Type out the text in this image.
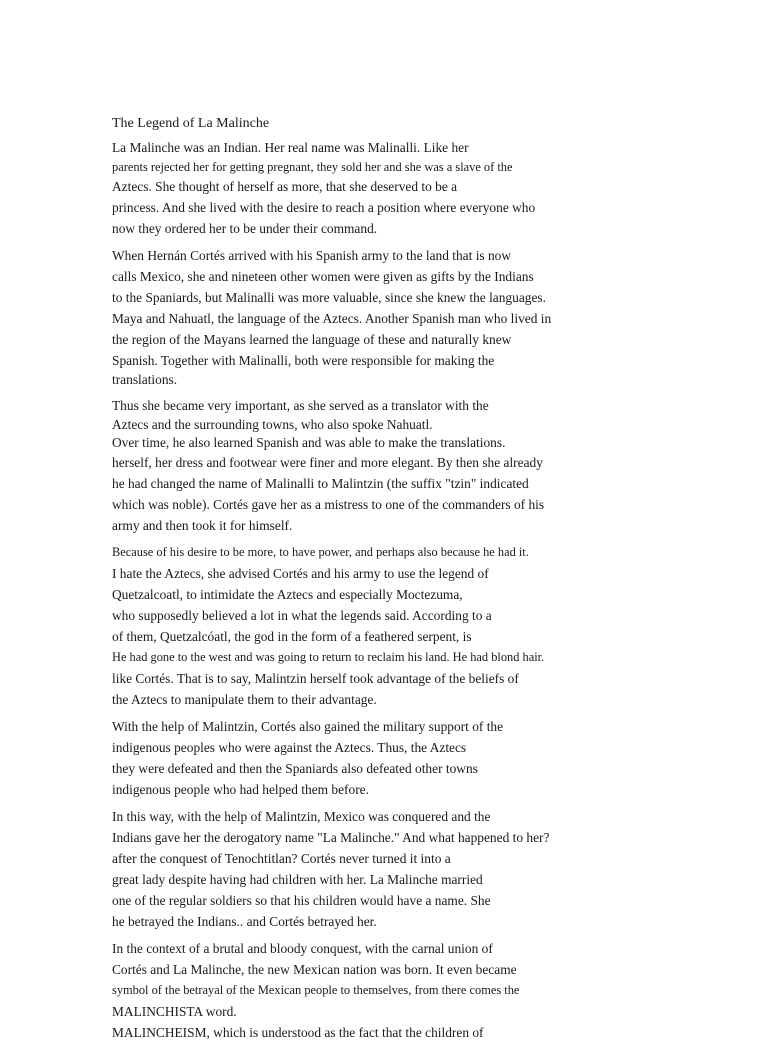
The Legend of La Malinche

La Malinche was an Indian. Her real name was Malinalli. Like her
parents rejected her for getting pregnant, they sold her and she was a slave of the
Aztecs. She thought of herself as more, that she deserved to be a
princess. And she lived with the desire to reach a position where everyone who
now they ordered her to be under their command.

When Hernán Cortés arrived with his Spanish army to the land that is now
calls Mexico, she and nineteen other women were given as gifts by the Indians
to the Spaniards, but Malinalli was more valuable, since she knew the languages.
Maya and Nahuatl, the language of the Aztecs. Another Spanish man who lived in
the region of the Mayans learned the language of these and naturally knew
Spanish. Together with Malinalli, both were responsible for making the
translations.

Thus she became very important, as she served as a translator with the
Aztecs and the surrounding towns, who also spoke Nahuatl.
Over time, he also learned Spanish and was able to make the translations.
herself, her dress and footwear were finer and more elegant. By then she already
he had changed the name of Malinalli to Malintzin (the suffix "tzin" indicated
which was noble). Cortés gave her as a mistress to one of the commanders of his
army and then took it for himself.

Because of his desire to be more, to have power, and perhaps also because he had it.
I hate the Aztecs, she advised Cortés and his army to use the legend of
Quetzalcoatl, to intimidate the Aztecs and especially Moctezuma,
who supposedly believed a lot in what the legends said. According to a
of them, Quetzalcóatl, the god in the form of a feathered serpent, is
He had gone to the west and was going to return to reclaim his land. He had blond hair.
like Cortés. That is to say, Malintzin herself took advantage of the beliefs of
the Aztecs to manipulate them to their advantage.

With the help of Malintzin, Cortés also gained the military support of the
indigenous peoples who were against the Aztecs. Thus, the Aztecs
they were defeated and then the Spaniards also defeated other towns
indigenous people who had helped them before.

In this way, with the help of Malintzin, Mexico was conquered and the
Indians gave her the derogatory name "La Malinche." And what happened to her?
after the conquest of Tenochtitlan? Cortés never turned it into a
great lady despite having had children with her. La Malinche married
one of the regular soldiers so that his children would have a name. She
he betrayed the Indians.. and Cortés betrayed her.

In the context of a brutal and bloody conquest, with the carnal union of
Cortés and La Malinche, the new Mexican nation was born. It even became
symbol of the betrayal of the Mexican people to themselves, from there comes the
MALINCHISTA word.
MALINCHEISM, which is understood as the fact that the children of
